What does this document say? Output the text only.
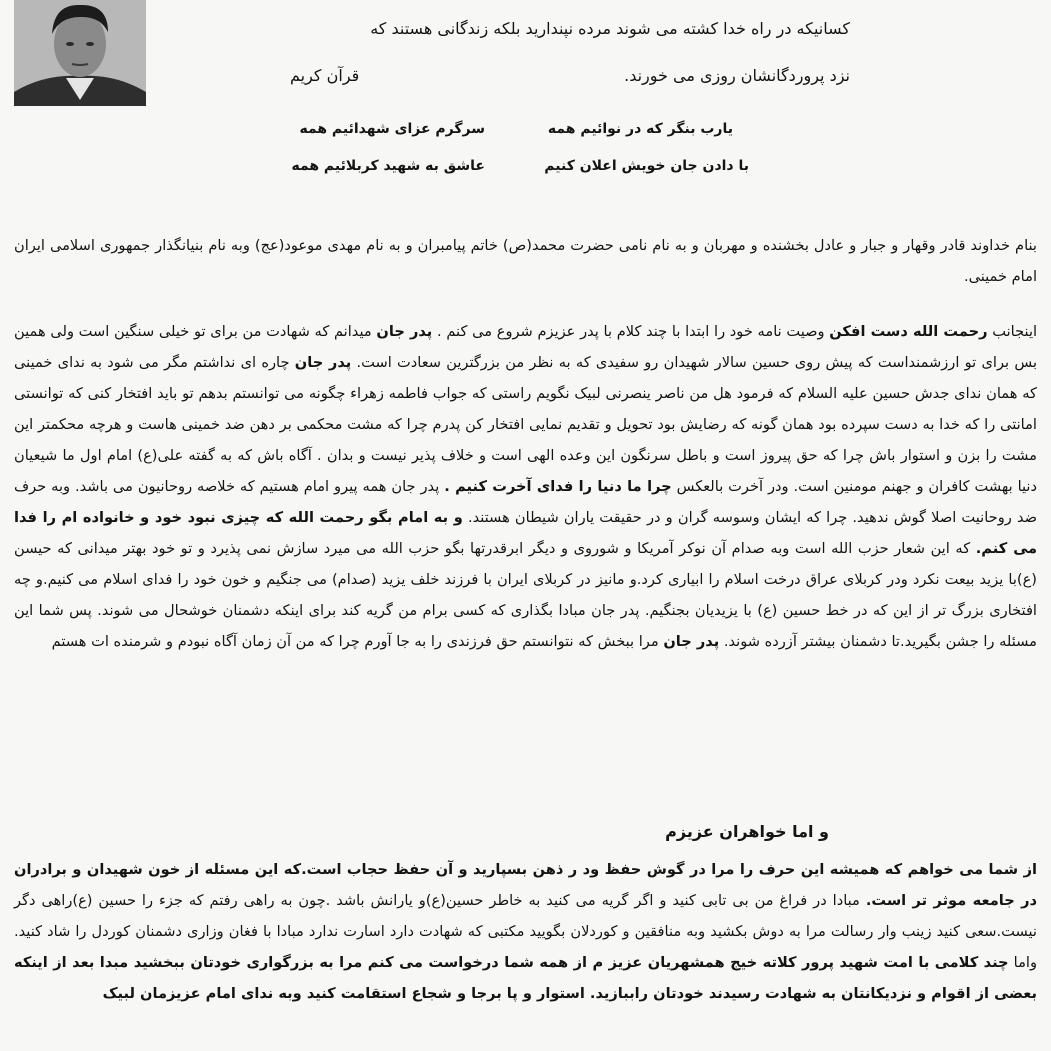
کسانیکه در راه خدا کشته می شوند مرده نپندارید بلکه زندگانی هستند که
نزد پروردگانشان روزی می خورند.
قرآن کریم
یارب بنگر که در نوائیم همه
سرگرم عزای شهدائیم همه
با دادن جان خویش اعلان کنیم
عاشق به شهید کربلائیم همه
بنام خداوند قادر وقهار و جبار و عادل بخشنده و مهربان و به نام نامی حضرت محمد(ص) خاتم پیامبران و به نام مهدی موعود(عج) وبه نام بنیانگذار جمهوری اسلامی ایران امام خمینی.
اینجانب رحمت الله دست افکن وصیت نامه خود را ابتدا با چند کلام با پدر عزیزم شروع می کنم . پدر جان میدانم که شهادت من برای تو خیلی سنگین است ولی همین بس برای تو ارزشمنداست که پیش روی حسین سالار شهیدان رو سفیدی که به نظر من بزرگترین سعادت است. پدر جان چاره ای نداشتم مگر می شود به ندای خمینی که همان ندای جدش حسین علیه السلام که فرمود هل من ناصر ینصرنی لبیک نگویم راستی که جواب فاطمه زهراء چگونه می توانستم بدهم تو باید افتخار کنی که توانستی امانتی را که خدا به دست سپرده بود همان گونه که رضایش بود تحویل و تقدیم نمایی افتخار کن پدرم چرا که مشت محکمی بر دهن ضد خمینی هاست و هرچه محکمتر این مشت را بزن و استوار باش چرا که حق پیروز است و باطل سرنگون این وعده الهی است و خلاف پذیر نیست و بدان . آگاه باش که به گفته علی(ع) امام اول ما شیعیان دنیا بهشت کافران و جهنم مومنین است. ودر آخرت بالعکس چرا ما دنیا را فدای آخرت کنیم . پدر جان همه پیرو امام هستیم که خلاصه روحانیون می باشد. وبه حرف ضد روحانیت اصلا گوش ندهید. چرا که ایشان وسوسه گران و در حقیقت یاران شیطان هستند. و به امام بگو رحمت الله که چیزی نبود خود و خانواده ام را فدا می کنم. که این شعار حزب الله است وبه صدام آن نوکر آمریکا و شوروی و دیگر ابرقدرتها بگو حزب الله می میرد سازش نمی پذیرد و تو خود بهتر میدانی که حیسن (ع)با یزید بیعت نکرد ودر کربلای عراق درخت اسلام را ابیاری کرد.و مانیز در کربلای ایران با فرزند خلف یزید (صدام) می جنگیم و خون خود را فدای اسلام می کنیم.و چه افتخاری بزرگ تر از این که در خط حسین (ع) با یزیدیان بجنگیم. پدر جان مبادا بگذاری که کسی برام من گریه کند برای اینکه دشمنان خوشحال می شوند. پس شما این مسئله را جشن بگیرید.تا دشمنان بیشتر آزرده شوند. پدر جان مرا ببخش که نتوانستم حق فرزندی را به جا آورم چرا که من آن زمان آگاه نبودم و شرمنده ات هستم
و اما خواهران عزیزم
از شما می خواهم که همیشه این حرف را مرا در گوش حفظ ود ر ذهن بسپارید و آن حفظ حجاب است.که این مسئله از خون شهیدان و برادران در جامعه موثر تر است. مبادا در فراغ من بی تابی کنید و اگر گریه می کنید به خاطر حسین(ع)و یارانش باشد .چون به راهی رفتم که جزء را حسین (ع)راهی دگر نیست.سعی کنید زینب وار رسالت مرا به دوش بکشید وبه منافقین و کوردلان بگویید مکتبی که شهادت دارد اسارت ندارد مبادا با فغان وزاری دشمنان کوردل را شاد کنید. واما چند کلامی با امت شهید پرور کلاته خیج همشهریان عزیز م از همه شما درخواست می کنم مرا به بزرگواری خودتان ببخشید مبدا بعد از اینکه بعضی از اقوام و نزدیکانتان به شهادت رسیدند خودتان راببازید. استوار و پا برجا و شجاع استقامت کنید وبه ندای امام عزیزمان لبیک
